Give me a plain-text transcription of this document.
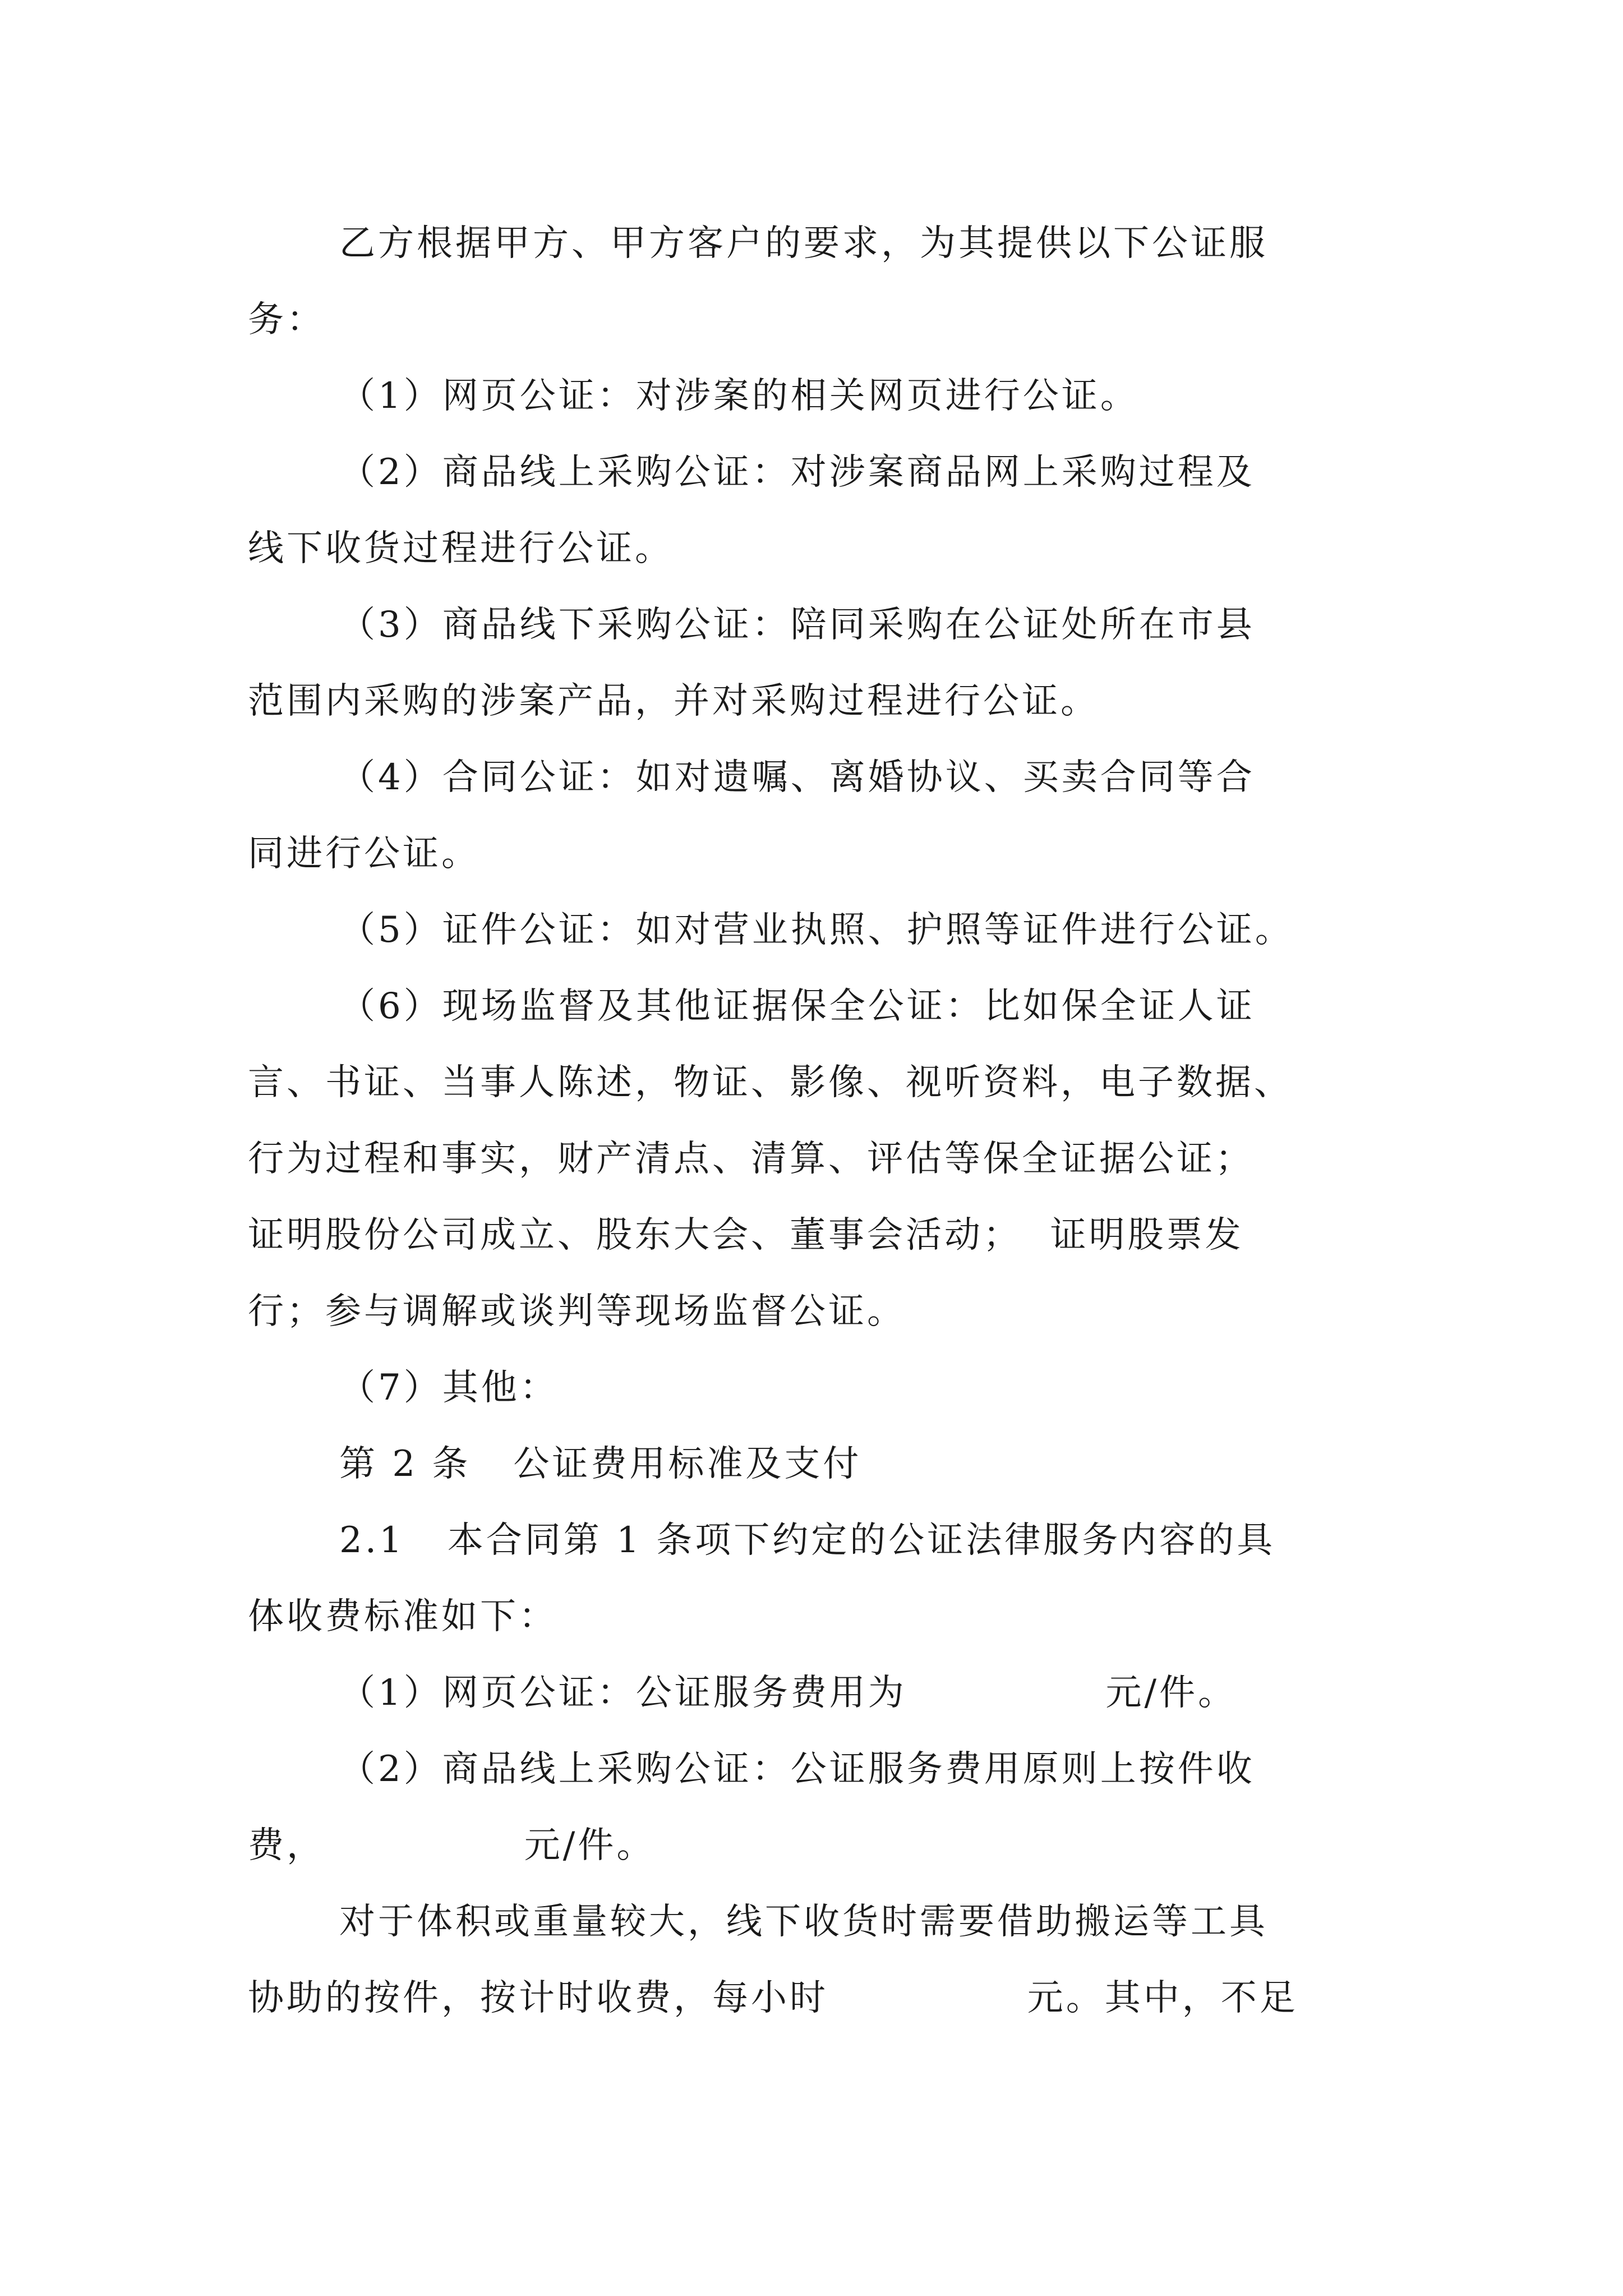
乙方根据甲方、甲方客户的要求，为其提供以下公证服
务：
（1）网页公证：对涉案的相关网页进行公证。
（2）商品线上采购公证：对涉案商品网上采购过程及
线下收货过程进行公证。
（3）商品线下采购公证：陪同采购在公证处所在市县
范围内采购的涉案产品，并对采购过程进行公证。
（4）合同公证：如对遗嘱、离婚协议、买卖合同等合
同进行公证。
（5）证件公证：如对营业执照、护照等证件进行公证。
（6）现场监督及其他证据保全公证：比如保全证人证
言、书证、当事人陈述，物证、影像、视听资料，电子数据、
行为过程和事实，财产清点、清算、评估等保全证据公证；
证明股份公司成立、股东大会、董事会活动；  证明股票发
行；参与调解或谈判等现场监督公证。
（7）其他：
第 2 条   公证费用标准及支付
2.1   本合同第 1 条项下约定的公证法律服务内容的具
体收费标准如下：
（1）网页公证：公证服务费用为              元/件。
（2）商品线上采购公证：公证服务费用原则上按件收
费，              元/件。
对于体积或重量较大，线下收货时需要借助搬运等工具
协助的按件，按计时收费，每小时              元。其中，不足
